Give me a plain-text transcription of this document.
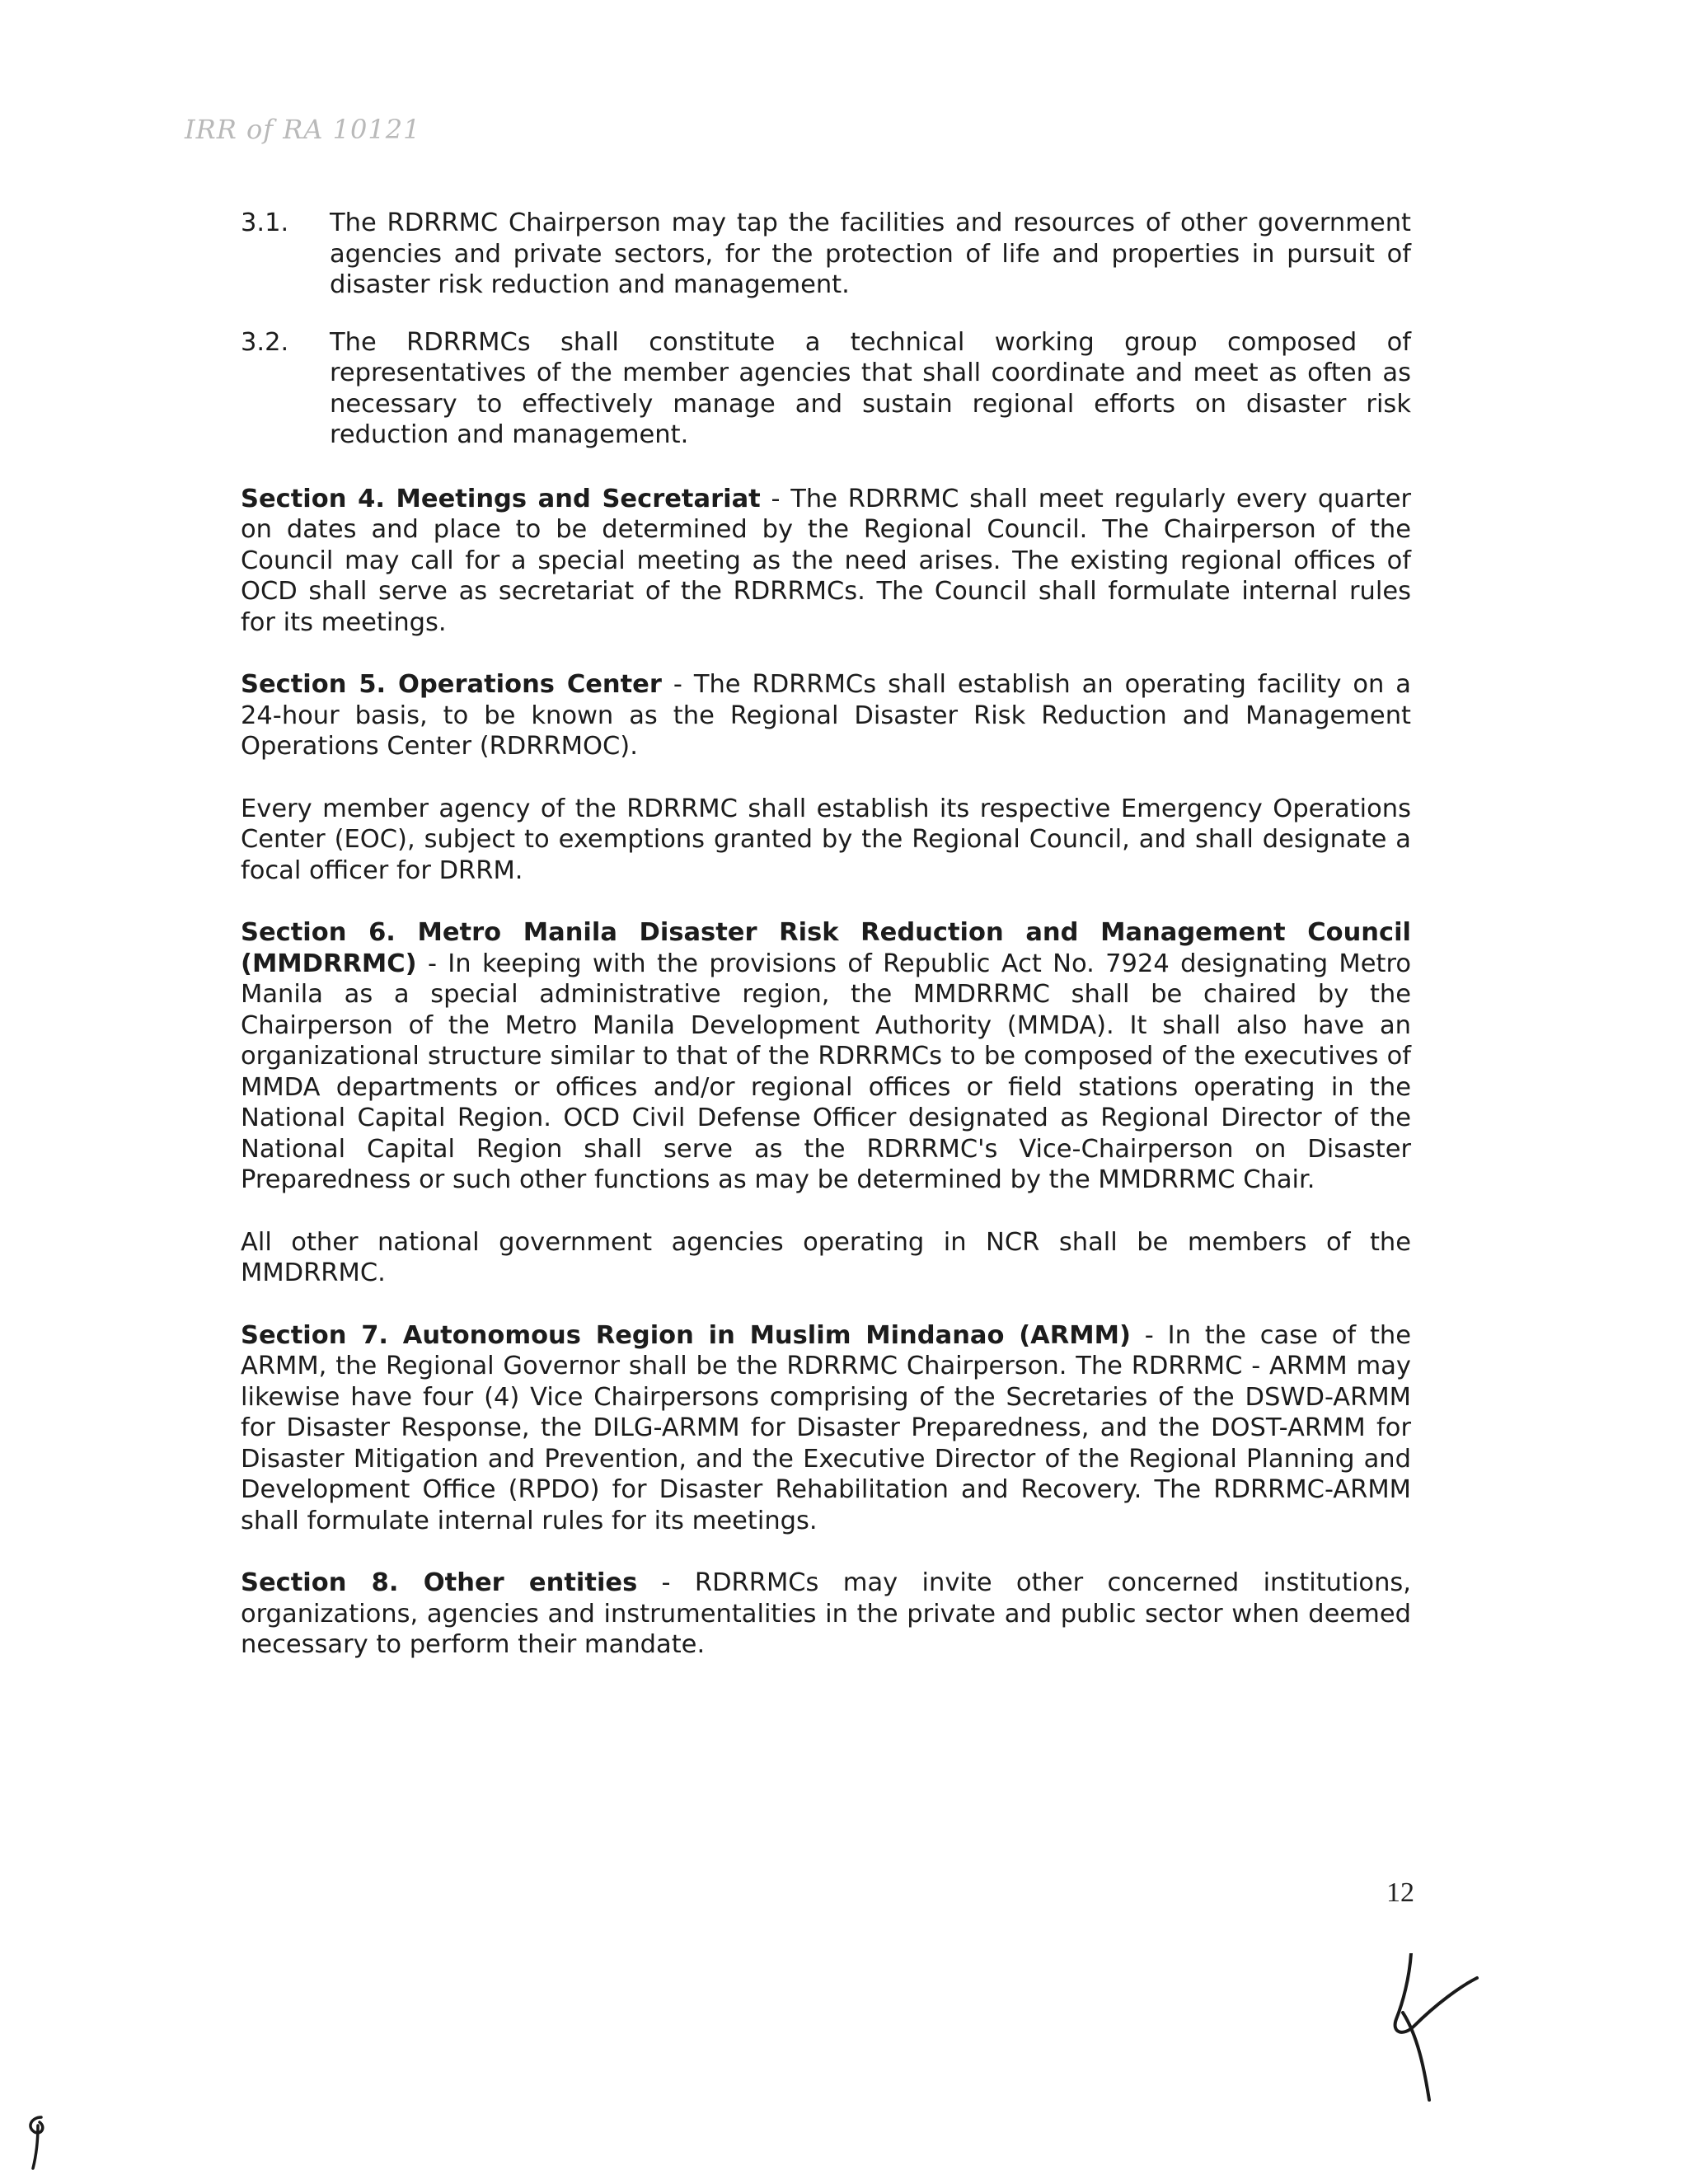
IRR of RA 10121
3.1. The RDRRMC Chairperson may tap the facilities and resources of other government agencies and private sectors, for the protection of life and properties in pursuit of disaster risk reduction and management.
3.2. The RDRRMCs shall constitute a technical working group composed of representatives of the member agencies that shall coordinate and meet as often as necessary to effectively manage and sustain regional efforts on disaster risk reduction and management.

Section 4. Meetings and Secretariat - The RDRRMC shall meet regularly every quarter on dates and place to be determined by the Regional Council. The Chairperson of the Council may call for a special meeting as the need arises. The existing regional offices of OCD shall serve as secretariat of the RDRRMCs. The Council shall formulate internal rules for its meetings.

Section 5. Operations Center - The RDRRMCs shall establish an operating facility on a 24-hour basis, to be known as the Regional Disaster Risk Reduction and Management Operations Center (RDRRMOC).

Every member agency of the RDRRMC shall establish its respective Emergency Operations Center (EOC), subject to exemptions granted by the Regional Council, and shall designate a focal officer for DRRM.

Section 6. Metro Manila Disaster Risk Reduction and Management Council (MMDRRMC) - In keeping with the provisions of Republic Act No. 7924 designating Metro Manila as a special administrative region, the MMDRRMC shall be chaired by the Chairperson of the Metro Manila Development Authority (MMDA). It shall also have an organizational structure similar to that of the RDRRMCs to be composed of the executives of MMDA departments or offices and/or regional offices or field stations operating in the National Capital Region. OCD Civil Defense Officer designated as Regional Director of the National Capital Region shall serve as the RDRRMC's Vice-Chairperson on Disaster Preparedness or such other functions as may be determined by the MMDRRMC Chair.

All other national government agencies operating in NCR shall be members of the MMDRRMC.

Section 7. Autonomous Region in Muslim Mindanao (ARMM) - In the case of the ARMM, the Regional Governor shall be the RDRRMC Chairperson. The RDRRMC - ARMM may likewise have four (4) Vice Chairpersons comprising of the Secretaries of the DSWD-ARMM for Disaster Response, the DILG-ARMM for Disaster Preparedness, and the DOST-ARMM for Disaster Mitigation and Prevention, and the Executive Director of the Regional Planning and Development Office (RPDO) for Disaster Rehabilitation and Recovery. The RDRRMC-ARMM shall formulate internal rules for its meetings.

Section 8. Other entities - RDRRMCs may invite other concerned institutions, organizations, agencies and instrumentalities in the private and public sector when deemed necessary to perform their mandate.

12
